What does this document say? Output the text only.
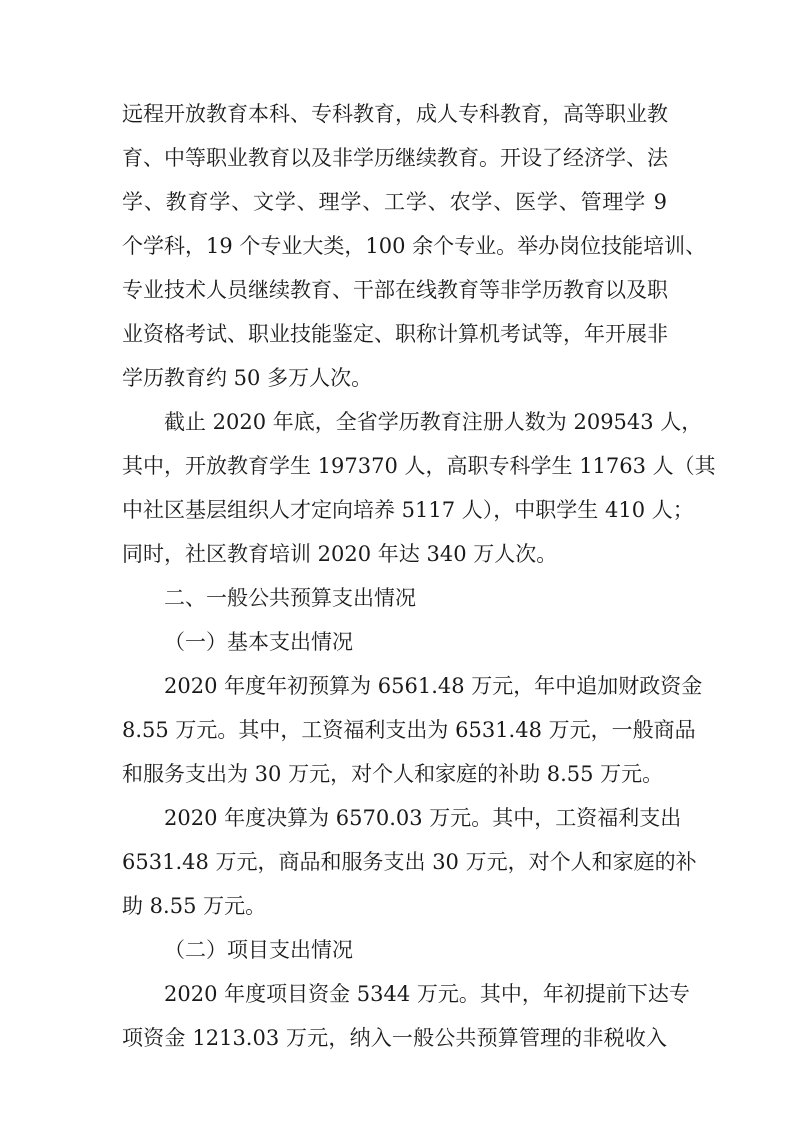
远程开放教育本科、专科教育，成人专科教育，高等职业教
育、中等职业教育以及非学历继续教育。开设了经济学、法
学、教育学、文学、理学、工学、农学、医学、管理学 9
个学科，19 个专业大类，100 余个专业。举办岗位技能培训、
专业技术人员继续教育、干部在线教育等非学历教育以及职
业资格考试、职业技能鉴定、职称计算机考试等，年开展非
学历教育约 50 多万人次。
截止 2020 年底，全省学历教育注册人数为 209543 人，
其中，开放教育学生 197370 人，高职专科学生 11763 人（其
中社区基层组织人才定向培养 5117 人），中职学生 410 人；
同时，社区教育培训 2020 年达 340 万人次。
二、一般公共预算支出情况
（一）基本支出情况
2020 年度年初预算为 6561.48 万元，年中追加财政资金
8.55 万元。其中，工资福利支出为 6531.48 万元，一般商品
和服务支出为 30 万元，对个人和家庭的补助 8.55 万元。
2020 年度决算为 6570.03 万元。其中，工资福利支出
6531.48 万元，商品和服务支出 30 万元，对个人和家庭的补
助 8.55 万元。
（二）项目支出情况
2020 年度项目资金 5344 万元。其中，年初提前下达专
项资金 1213.03 万元，纳入一般公共预算管理的非税收入
